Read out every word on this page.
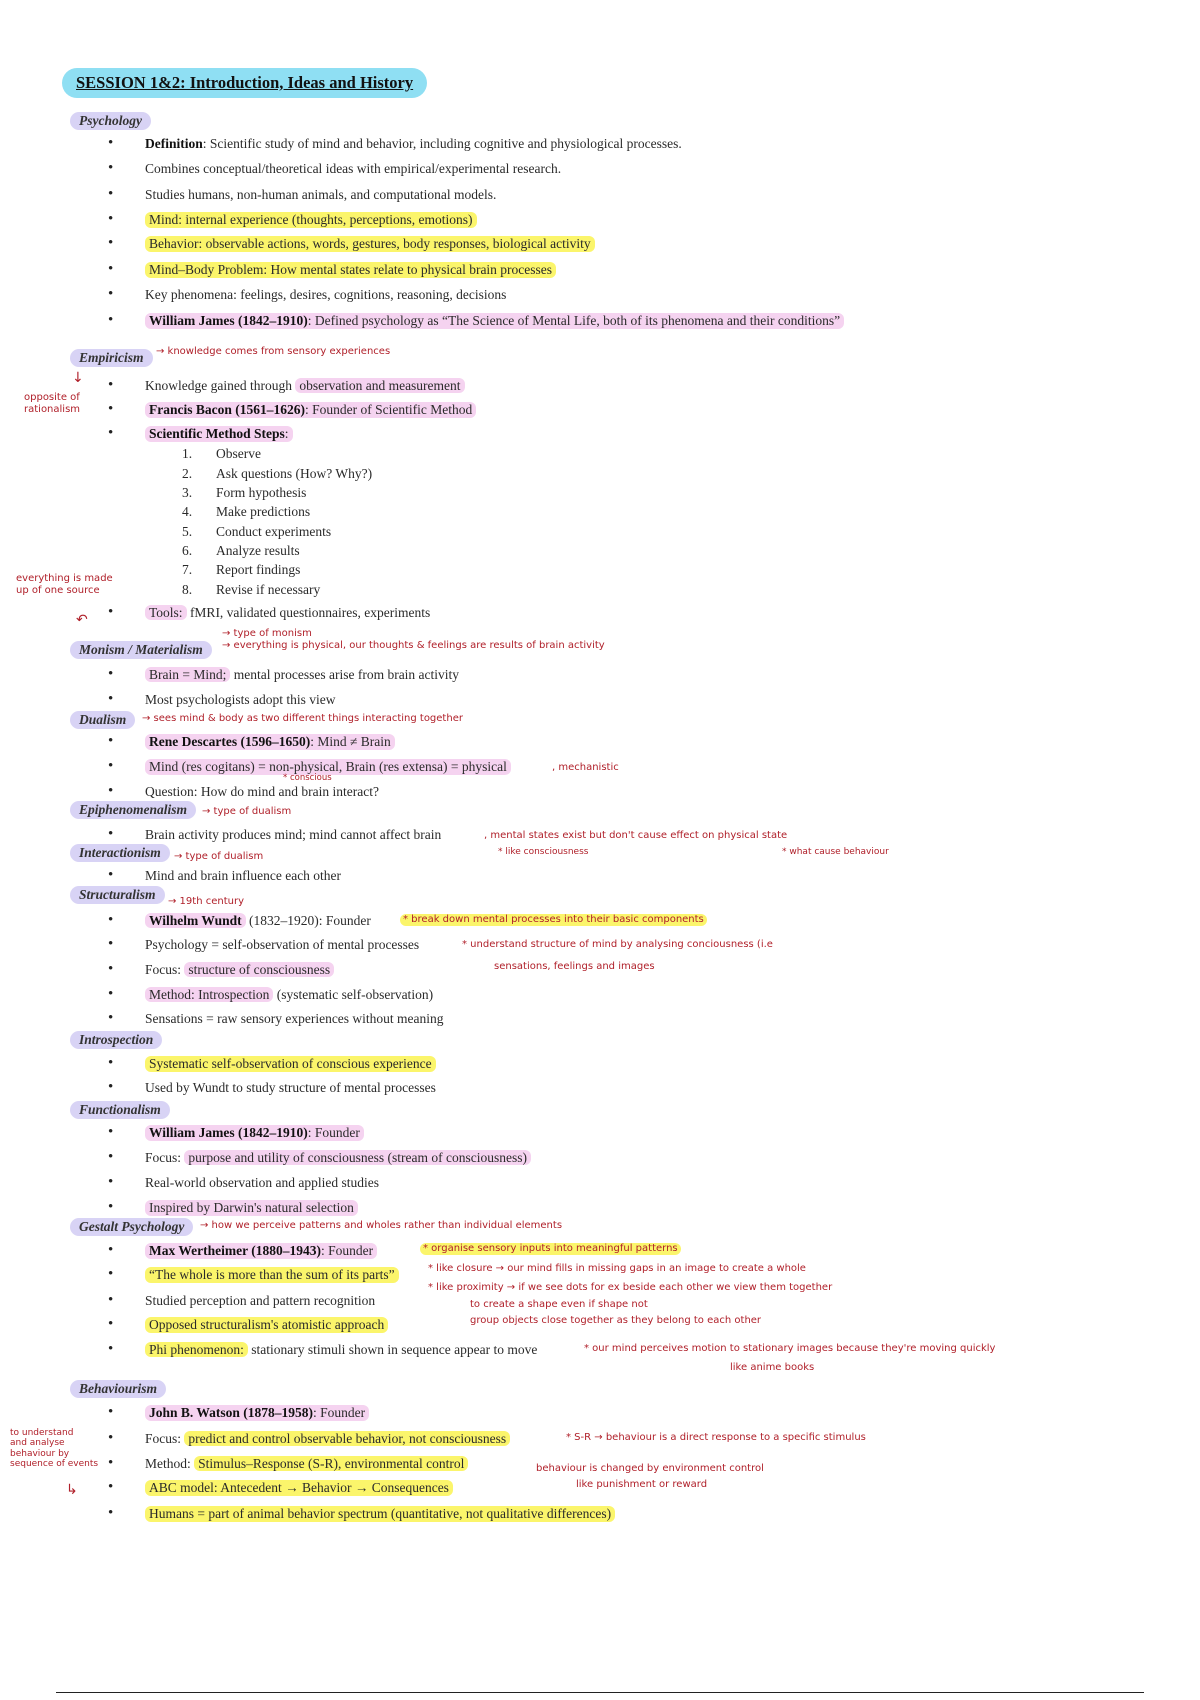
SESSION 1&2: Introduction, Ideas and History
Psychology
Definition: Scientific study of mind and behavior, including cognitive and physiological processes.
Combines conceptual/theoretical ideas with empirical/experimental research.
Studies humans, non-human animals, and computational models.
Mind: internal experience (thoughts, perceptions, emotions)
Behavior: observable actions, words, gestures, body responses, biological activity
Mind–Body Problem: How mental states relate to physical brain processes
Key phenomena: feelings, desires, cognitions, reasoning, decisions
William James (1842–1910): Defined psychology as “The Science of Mental Life, both of its phenomena and their conditions”
Empiricism	→ knowledge comes from sensory experiences
↓
opposite of
rationalism
Knowledge gained through observation and measurement
Francis Bacon (1561–1626): Founder of Scientific Method
Scientific Method Steps:
1. Observe
2. Ask questions (How? Why?)
3. Form hypothesis
4. Make predictions
5. Conduct experiments
6. Analyze results
7. Report findings
8. Revise if necessary
everything is made
up of one source
↶	Tools: fMRI, validated questionnaires, experiments
→ type of monism
Monism / Materialism	→ everything is physical, our thoughts & feelings are results of brain activity
Brain = Mind; mental processes arise from brain activity
Most psychologists adopt this view
Dualism	→ sees mind & body as two different things interacting together
Rene Descartes (1596–1650): Mind ≠ Brain
Mind (res cogitans) = non-physical, Brain (res extensa) = physical	, mechanistic
* conscious
Question: How do mind and brain interact?
Epiphenomenalism	→ type of dualism
Brain activity produces mind; mind cannot affect brain	, mental states exist but don't cause effect on physical state
* like consciousness	* what cause behaviour
Interactionism	→ type of dualism
Mind and brain influence each other
Structuralism	→ 19th century
Wilhelm Wundt (1832–1920): Founder	* break down mental processes into their basic components
Psychology = self-observation of mental processes	* understand structure of mind by analysing conciousness (i.e
sensations, feelings and images
Focus: structure of consciousness
Method: Introspection (systematic self-observation)
Sensations = raw sensory experiences without meaning
Introspection
Systematic self-observation of conscious experience
Used by Wundt to study structure of mental processes
Functionalism
William James (1842–1910): Founder
Focus: purpose and utility of consciousness (stream of consciousness)
Real-world observation and applied studies
Inspired by Darwin's natural selection
Gestalt Psychology	→ how we perceive patterns and wholes rather than individual elements
Max Wertheimer (1880–1943): Founder	* organise sensory inputs into meaningful patterns
“The whole is more than the sum of its parts”	* like closure → our mind fills in missing gaps in an image to create a whole
Studied perception and pattern recognition
* like proximity → if we see dots for ex beside each other we view them together
to create a shape even if shape not
group objects close together as they belong to each other
Opposed structuralism's atomistic approach
Phi phenomenon: stationary stimuli shown in sequence appear to move	* our mind perceives motion to stationary images because they're moving quickly
like anime books
Behaviourism
John B. Watson (1878–1958): Founder
Focus: predict and control observable behavior, not consciousness	* S-R → behaviour is a direct response to a specific stimulus
Method: Stimulus–Response (S-R), environmental control	behaviour is changed by environment control
like punishment or reward
to understand
and analyse
behaviour by
sequence of events
↳	ABC model: Antecedent → Behavior → Consequences
Humans = part of animal behavior spectrum (quantitative, not qualitative differences)
